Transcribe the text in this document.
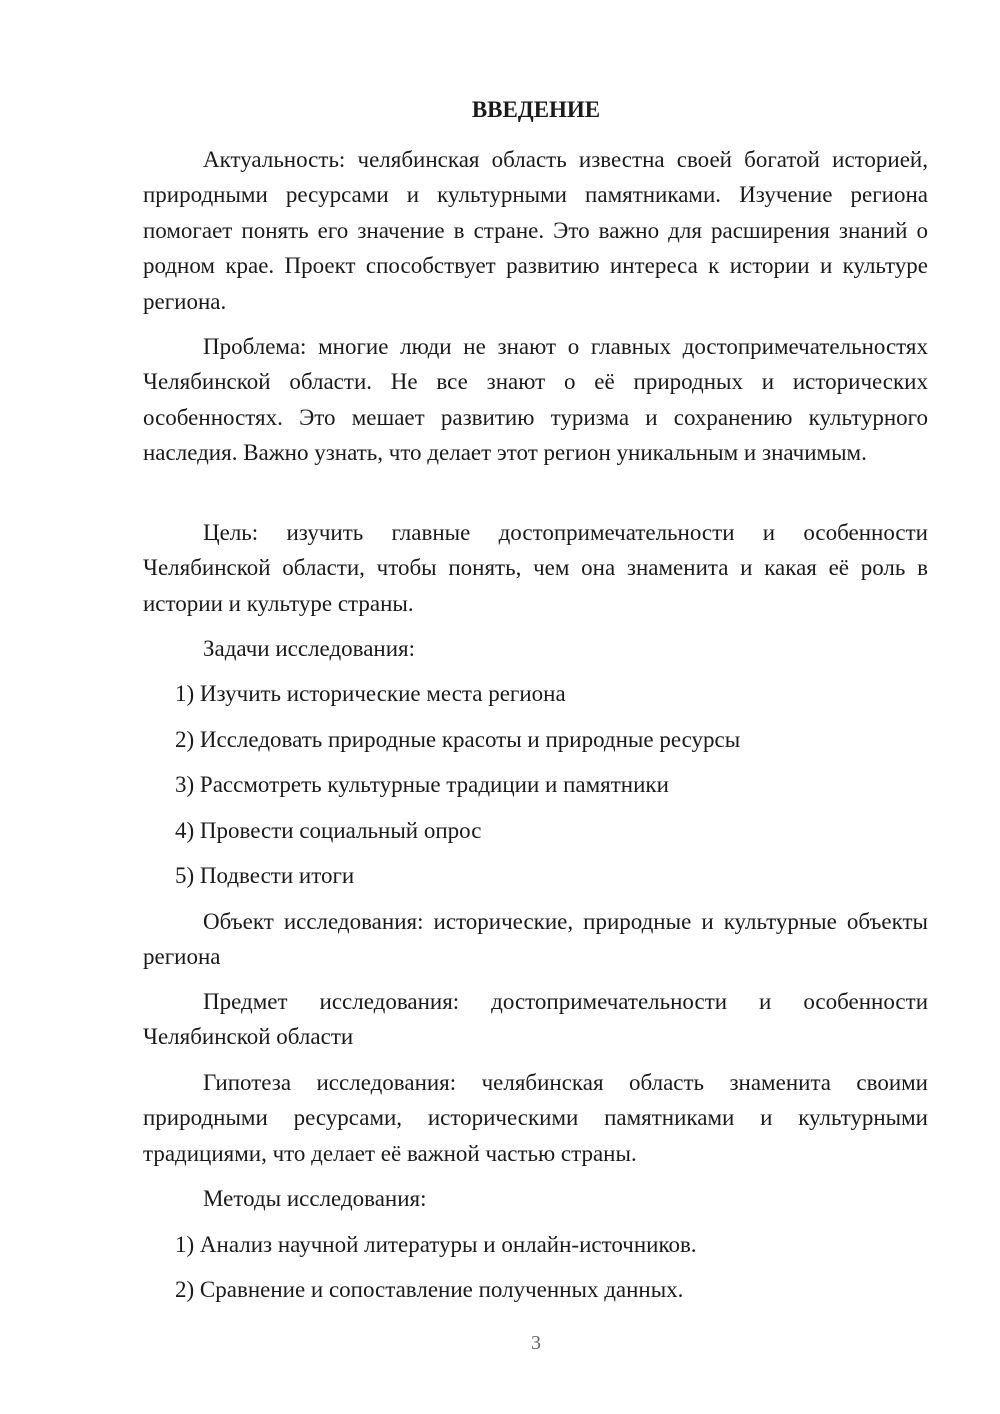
ВВЕДЕНИЕ

Актуальность: челябинская область известна своей богатой историей, природными ресурсами и культурными памятниками. Изучение региона помогает понять его значение в стране. Это важно для расширения знаний о родном крае. Проект способствует развитию интереса к истории и культуре региона.

Проблема: многие люди не знают о главных достопримечательностях Челябинской области. Не все знают о её природных и исторических особенностях. Это мешает развитию туризма и сохранению культурного наследия. Важно узнать, что делает этот регион уникальным и значимым.

Цель: изучить главные достопримечательности и особенности Челябинской области, чтобы понять, чем она знаменита и какая её роль в истории и культуре страны.

Задачи исследования:

1) Изучить исторические места региона

2) Исследовать природные красоты и природные ресурсы

3) Рассмотреть культурные традиции и памятники

4) Провести социальный опрос

5) Подвести итоги

Объект исследования: исторические, природные и культурные объекты региона

Предмет исследования: достопримечательности и особенности Челябинской области

Гипотеза исследования: челябинская область знаменита своими природными ресурсами, историческими памятниками и культурными традициями, что делает её важной частью страны.

Методы исследования:

1) Анализ научной литературы и онлайн-источников.

2) Сравнение и сопоставление полученных данных.

3
